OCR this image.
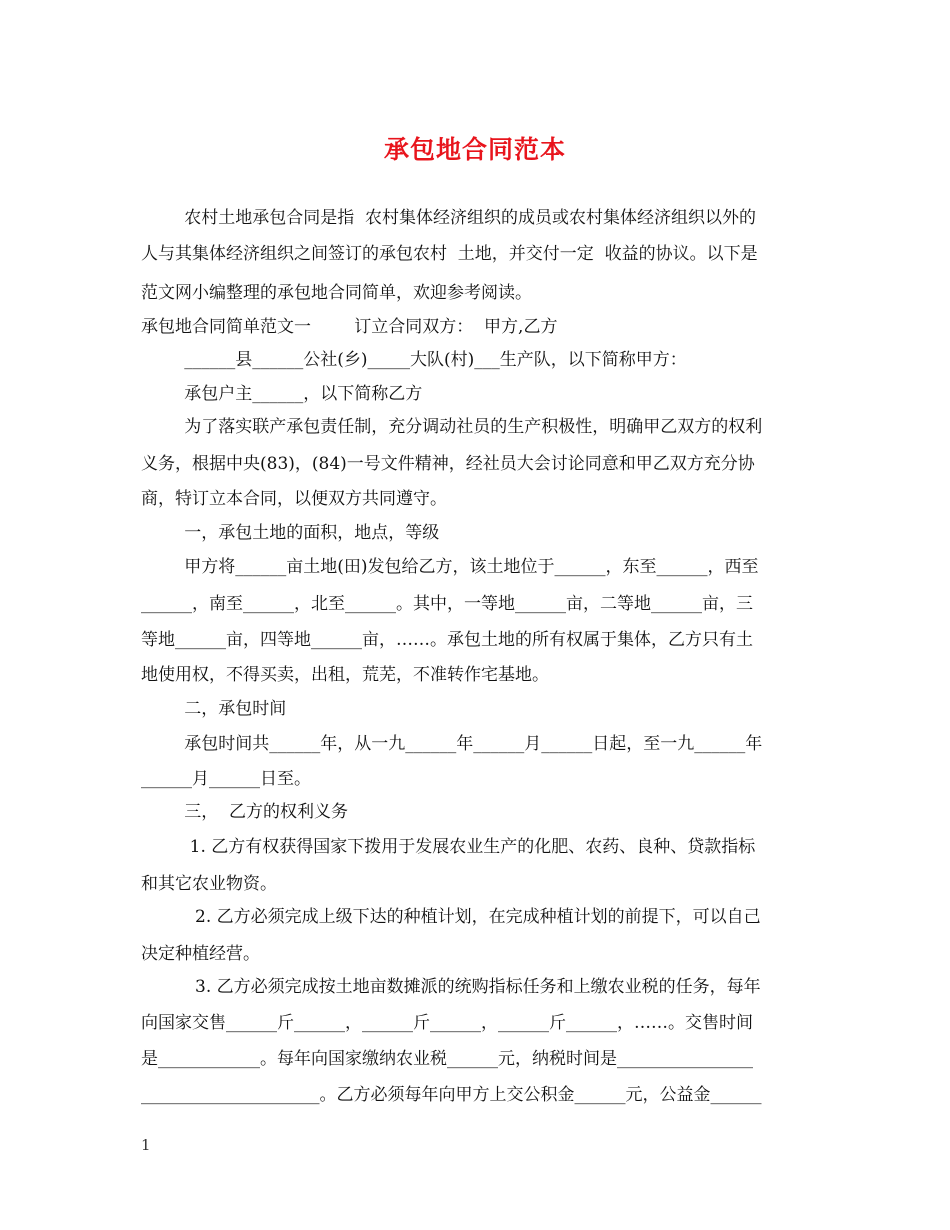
承包地合同范本
农村土地承包合同是指  农村集体经济组织的成员或农村集体经济组织以外的
人与其集体经济组织之间签订的承包农村  土地，并交付一定  收益的协议。以下是
范文网小编整理的承包地合同简单，欢迎参考阅读。
承包地合同简单范文一        订立合同双方：  甲方,乙方
______县______公社(乡)_____大队(村)___生产队，以下简称甲方：
承包户主______，以下简称乙方
为了落实联产承包责任制，充分调动社员的生产积极性，明确甲乙双方的权利
义务，根据中央(83)，(84)一号文件精神，经社员大会讨论同意和甲乙双方充分协
商，特订立本合同，以便双方共同遵守。
一，承包土地的面积，地点，等级
甲方将______亩土地(田)发包给乙方，该土地位于______，东至______，西至
______，南至______，北至______。其中，一等地______亩，二等地______亩，三
等地______亩，四等地______亩，……。承包土地的所有权属于集体，乙方只有土
地使用权，不得买卖，出租，荒芜，不准转作宅基地。
二，承包时间
承包时间共______年，从一九______年______月______日起，至一九______年
______月______日至。
三，  乙方的权利义务
1. 乙方有权获得国家下拨用于发展农业生产的化肥、农药、良种、贷款指标
和其它农业物资。
2. 乙方必须完成上级下达的种植计划，在完成种植计划的前提下，可以自己
决定种植经营。
3. 乙方必须完成按土地亩数摊派的统购指标任务和上缴农业税的任务，每年
向国家交售______斤______，______斤______，______斤______，……。交售时间
是____________。每年向国家缴纳农业税______元，纳税时间是________________
_____________________。乙方必须每年向甲方上交公积金______元，公益金______
1
